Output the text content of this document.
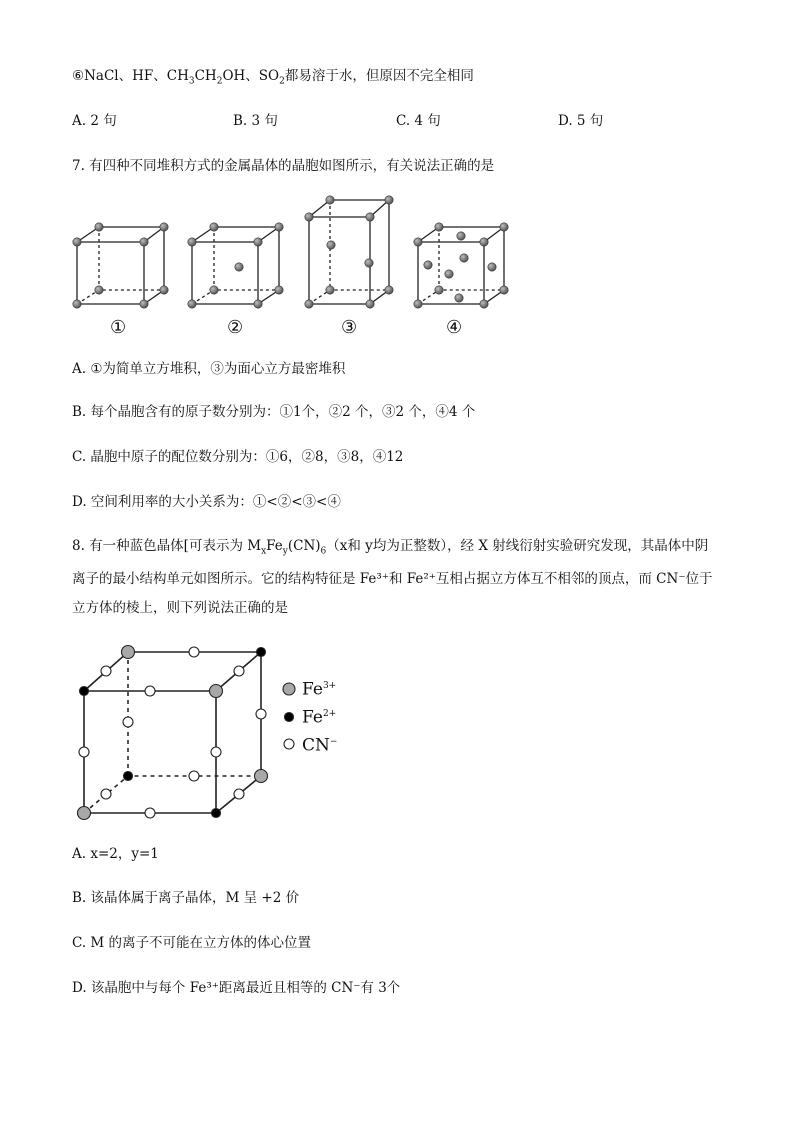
⑥NaCl、HF、$CH_3CH_2OH$、$SO_2$都易溶于水，但原因不完全相同
A. 2 句	B. 3 句	C. 4 句	D. 5 句
7. 有四种不同堆积方式的金属晶体的晶胞如图所示，有关说法正确的是
①	②	③	④
A. ①为简单立方堆积，③为面心立方最密堆积
B. 每个晶胞含有的原子数分别为：①1个，②2 个，③2 个，④4 个
C. 晶胞中原子的配位数分别为：①6，②8，③8，④12
D. 空间利用率的大小关系为：①<②<③<④
8. 有一种蓝色晶体[可表示为 $M_xFe_y(CN)_6(x$和 y均为正整数），经 X 射线衍射实验研究发现，其晶体中阴
离子的最小结构单元如图所示。它的结构特征是 Fe³⁺和 Fe²⁺互相占据立方体互不相邻的顶点，而 CN⁻位于
立方体的棱上，则下列说法正确的是
$Fe^{3+}$
$Fe^{2+}$
CN−
A. x=2，y=1
B. 该晶体属于离子晶体，M 呈 +2 价
C. M 的离子不可能在立方体的体心位置
D. 该晶胞中与每个 Fe³⁺距离最近且相等的 CN⁻有 3个
